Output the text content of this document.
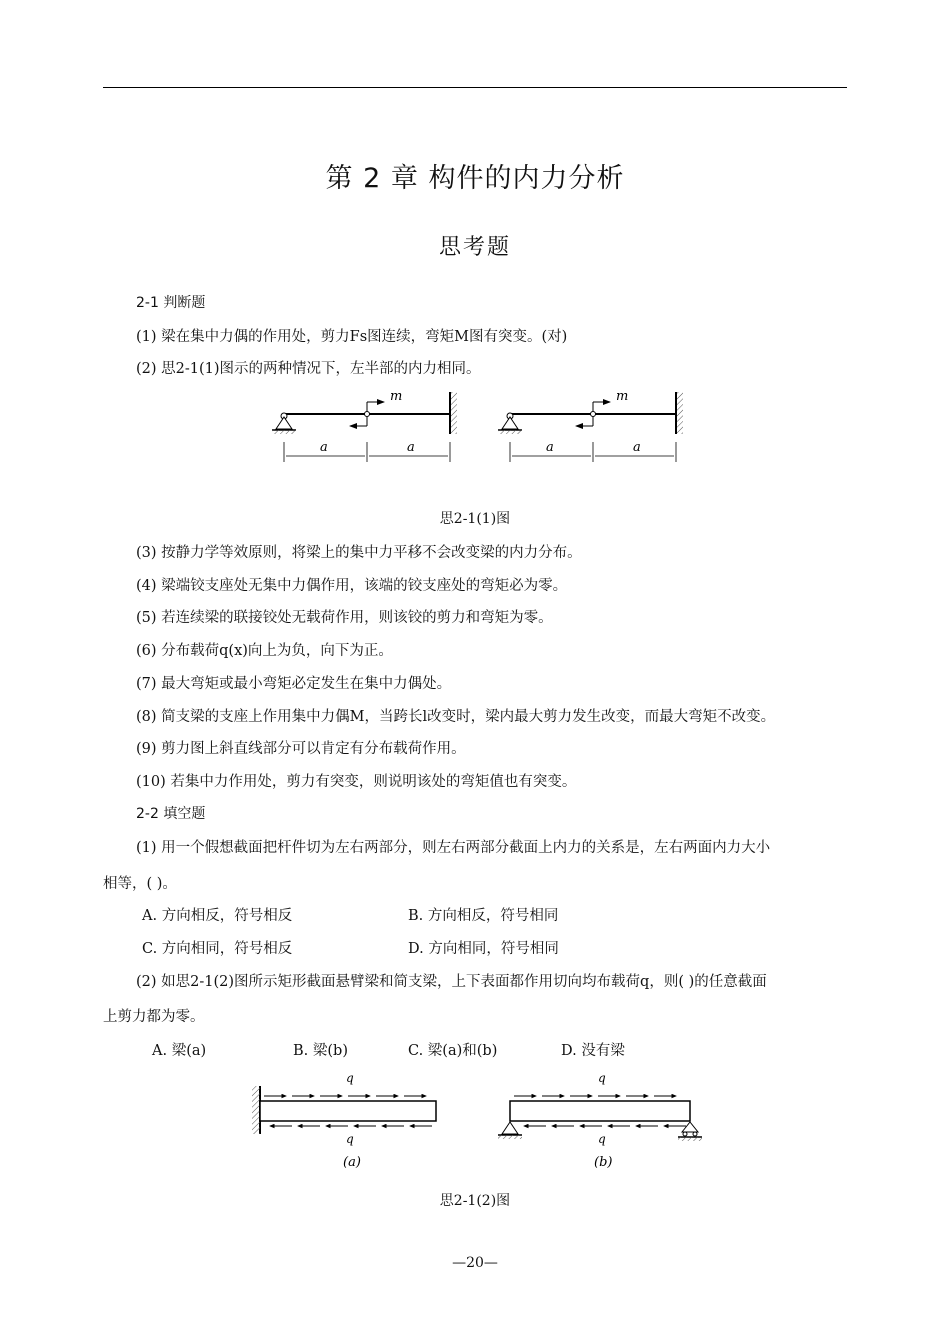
第 2 章 构件的内力分析
思考题
2-1 判断题
(1) 梁在集中力偶的作用处，剪力Fs图连续，弯矩M图有突变。(对)
(2) 思2-1(1)图示的两种情况下，左半部的内力相同。
m
a	a
m
a	a
思2-1(1)图
(3) 按静力学等效原则，将梁上的集中力平移不会改变梁的内力分布。
(4) 梁端铰支座处无集中力偶作用，该端的铰支座处的弯矩必为零。
(5) 若连续梁的联接铰处无载荷作用，则该铰的剪力和弯矩为零。
(6) 分布载荷q(x)向上为负，向下为正。
(7) 最大弯矩或最小弯矩必定发生在集中力偶处。
(8) 简支梁的支座上作用集中力偶M，当跨长l改变时，梁内最大剪力发生改变，而最大弯矩不改变。
(9) 剪力图上斜直线部分可以肯定有分布载荷作用。
(10) 若集中力作用处，剪力有突变，则说明该处的弯矩值也有突变。
2-2 填空题
(1) 用一个假想截面把杆件切为左右两部分，则左右两部分截面上内力的关系是，左右两面内力大小
相等，( )。
A. 方向相反，符号相反	B. 方向相反，符号相同
C. 方向相同，符号相反	D. 方向相同，符号相同
(2) 如思2-1(2)图所示矩形截面悬臂梁和简支梁，上下表面都作用切向均布载荷q，则( )的任意截面
上剪力都为零。
A. 梁(a)	B. 梁(b)	C. 梁(a)和(b)	D. 没有梁
q
q
(a)
q
q
(b)
思2-1(2)图
—20—
